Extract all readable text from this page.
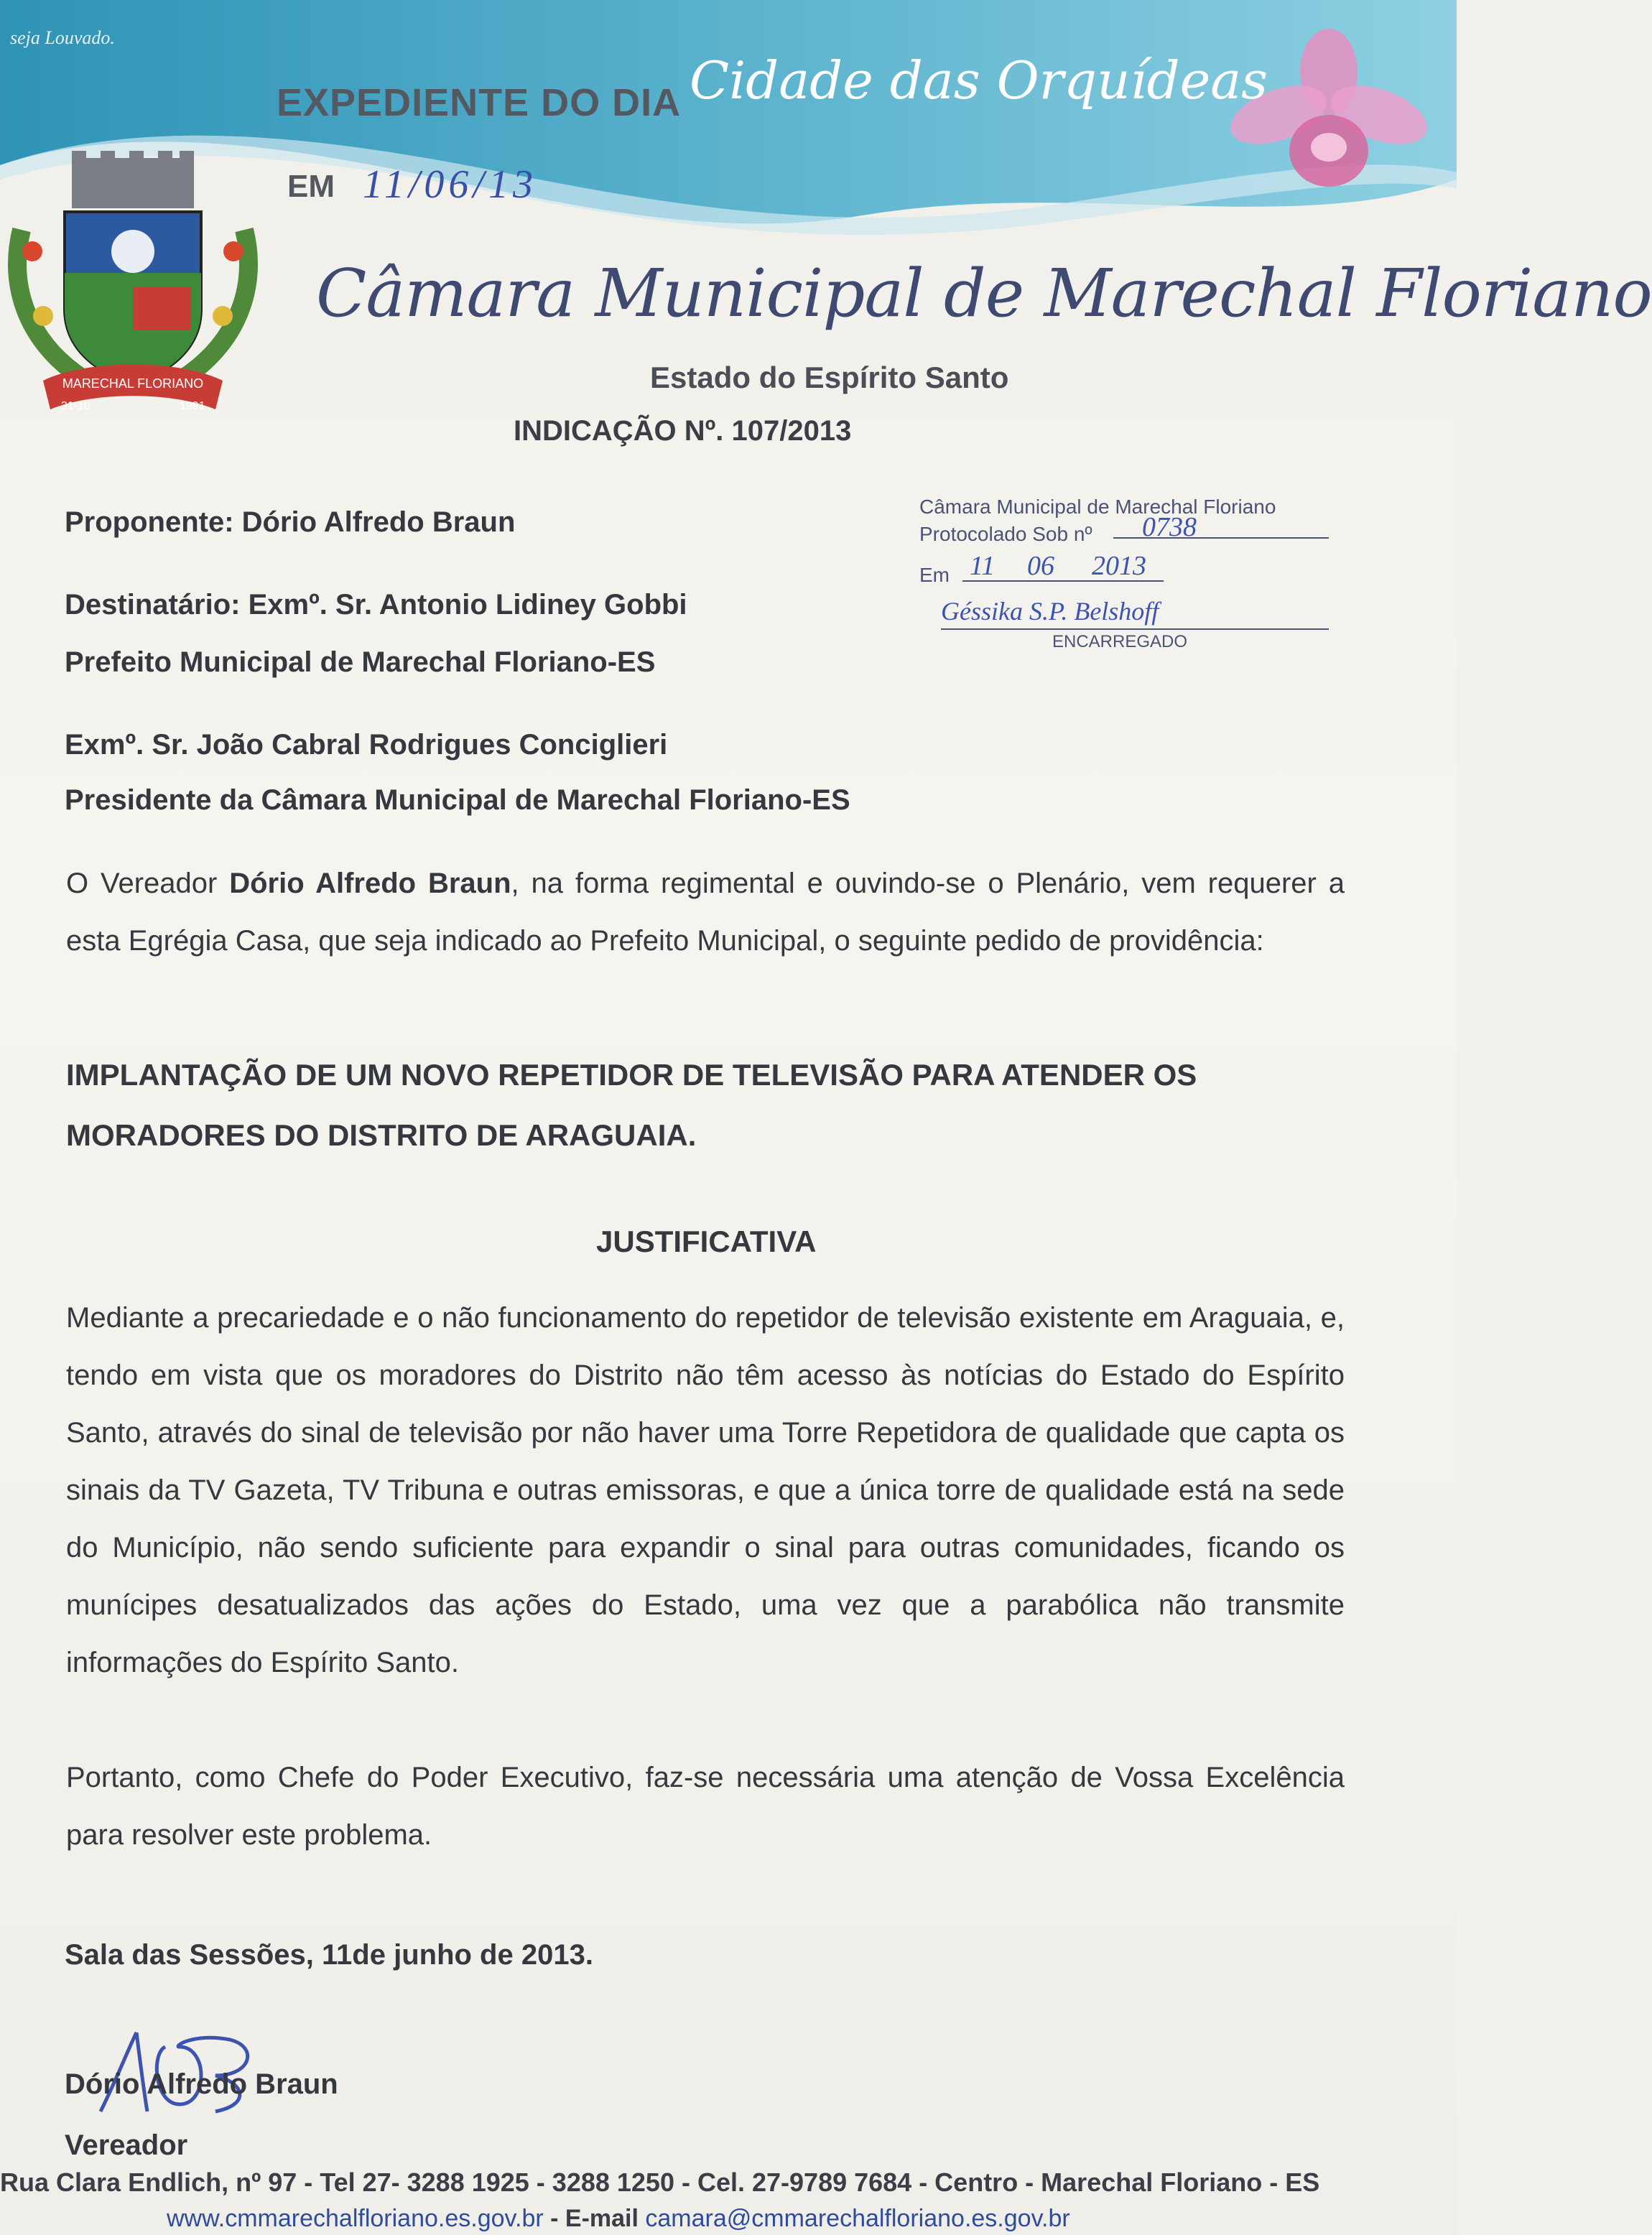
seja Louvado.
Cidade das Orquídeas
EXPEDIENTE DO DIA
EM 11/06/13
MARECHAL FLORIANO
31-10	1991
Câmara Municipal de Marechal Floriano
Estado do Espírito Santo
INDICAÇÃO Nº. 107/2013
Câmara Municipal de Marechal Floriano
Protocolado Sob nº 0738
Em 11 06 2013
Géssika S.P. Belshoff
ENCARREGADO
Proponente: Dório Alfredo Braun
Destinatário: Exmº. Sr. Antonio Lidiney Gobbi
Prefeito Municipal de Marechal Floriano-ES
Exmº. Sr. João Cabral Rodrigues Conciglieri
Presidente da Câmara Municipal de Marechal Floriano-ES
O Vereador Dório Alfredo Braun, na forma regimental e ouvindo-se o Plenário, vem requerer a esta Egrégia Casa, que seja indicado ao Prefeito Municipal, o seguinte pedido de providência:
IMPLANTAÇÃO DE UM NOVO REPETIDOR DE TELEVISÃO PARA ATENDER OS MORADORES DO DISTRITO DE ARAGUAIA.
JUSTIFICATIVA
Mediante a precariedade e o não funcionamento do repetidor de televisão existente em Araguaia, e, tendo em vista que os moradores do Distrito não têm acesso às notícias do Estado do Espírito Santo, através do sinal de televisão por não haver uma Torre Repetidora de qualidade que capta os sinais da TV Gazeta, TV Tribuna e outras emissoras, e que a única torre de qualidade está na sede do Município, não sendo suficiente para expandir o sinal para outras comunidades, ficando os munícipes desatualizados das ações do Estado, uma vez que a parabólica não transmite informações do Espírito Santo.
Portanto, como Chefe do Poder Executivo, faz-se necessária uma atenção de Vossa Excelência para resolver este problema.
Sala das Sessões, 11de junho de 2013.
Dório Alfredo Braun
Vereador
Rua Clara Endlich, nº 97 - Tel 27- 3288 1925 - 3288 1250 - Cel. 27-9789 7684 - Centro - Marechal Floriano - ES
www.cmmarechalfloriano.es.gov.br - E-mail camara@cmmarechalfloriano.es.gov.br
